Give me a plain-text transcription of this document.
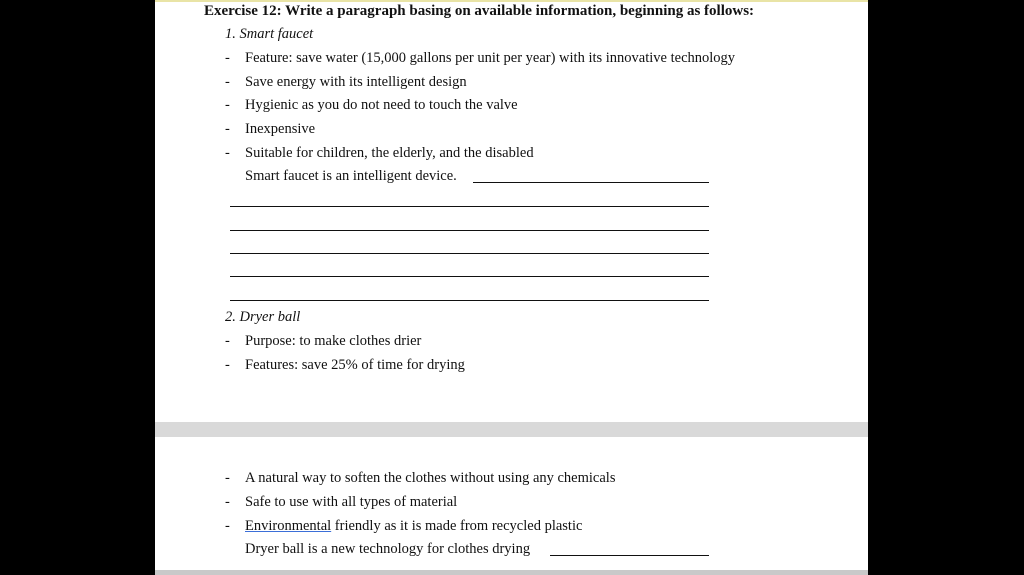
Exercise 12: Write a paragraph basing on available information, beginning as follows:
1. Smart faucet
- Feature: save water (15,000 gallons per unit per year) with its innovative technology
- Save energy with its intelligent design
- Hygienic as you do not need to touch the valve
- Inexpensive
- Suitable for children, the elderly, and the disabled
Smart faucet is an intelligent device.
2. Dryer ball
- Purpose: to make clothes drier
- Features: save 25% of time for drying
- A natural way to soften the clothes without using any chemicals
- Safe to use with all types of material
- Environmental friendly as it is made from recycled plastic
Dryer ball is a new technology for clothes drying
